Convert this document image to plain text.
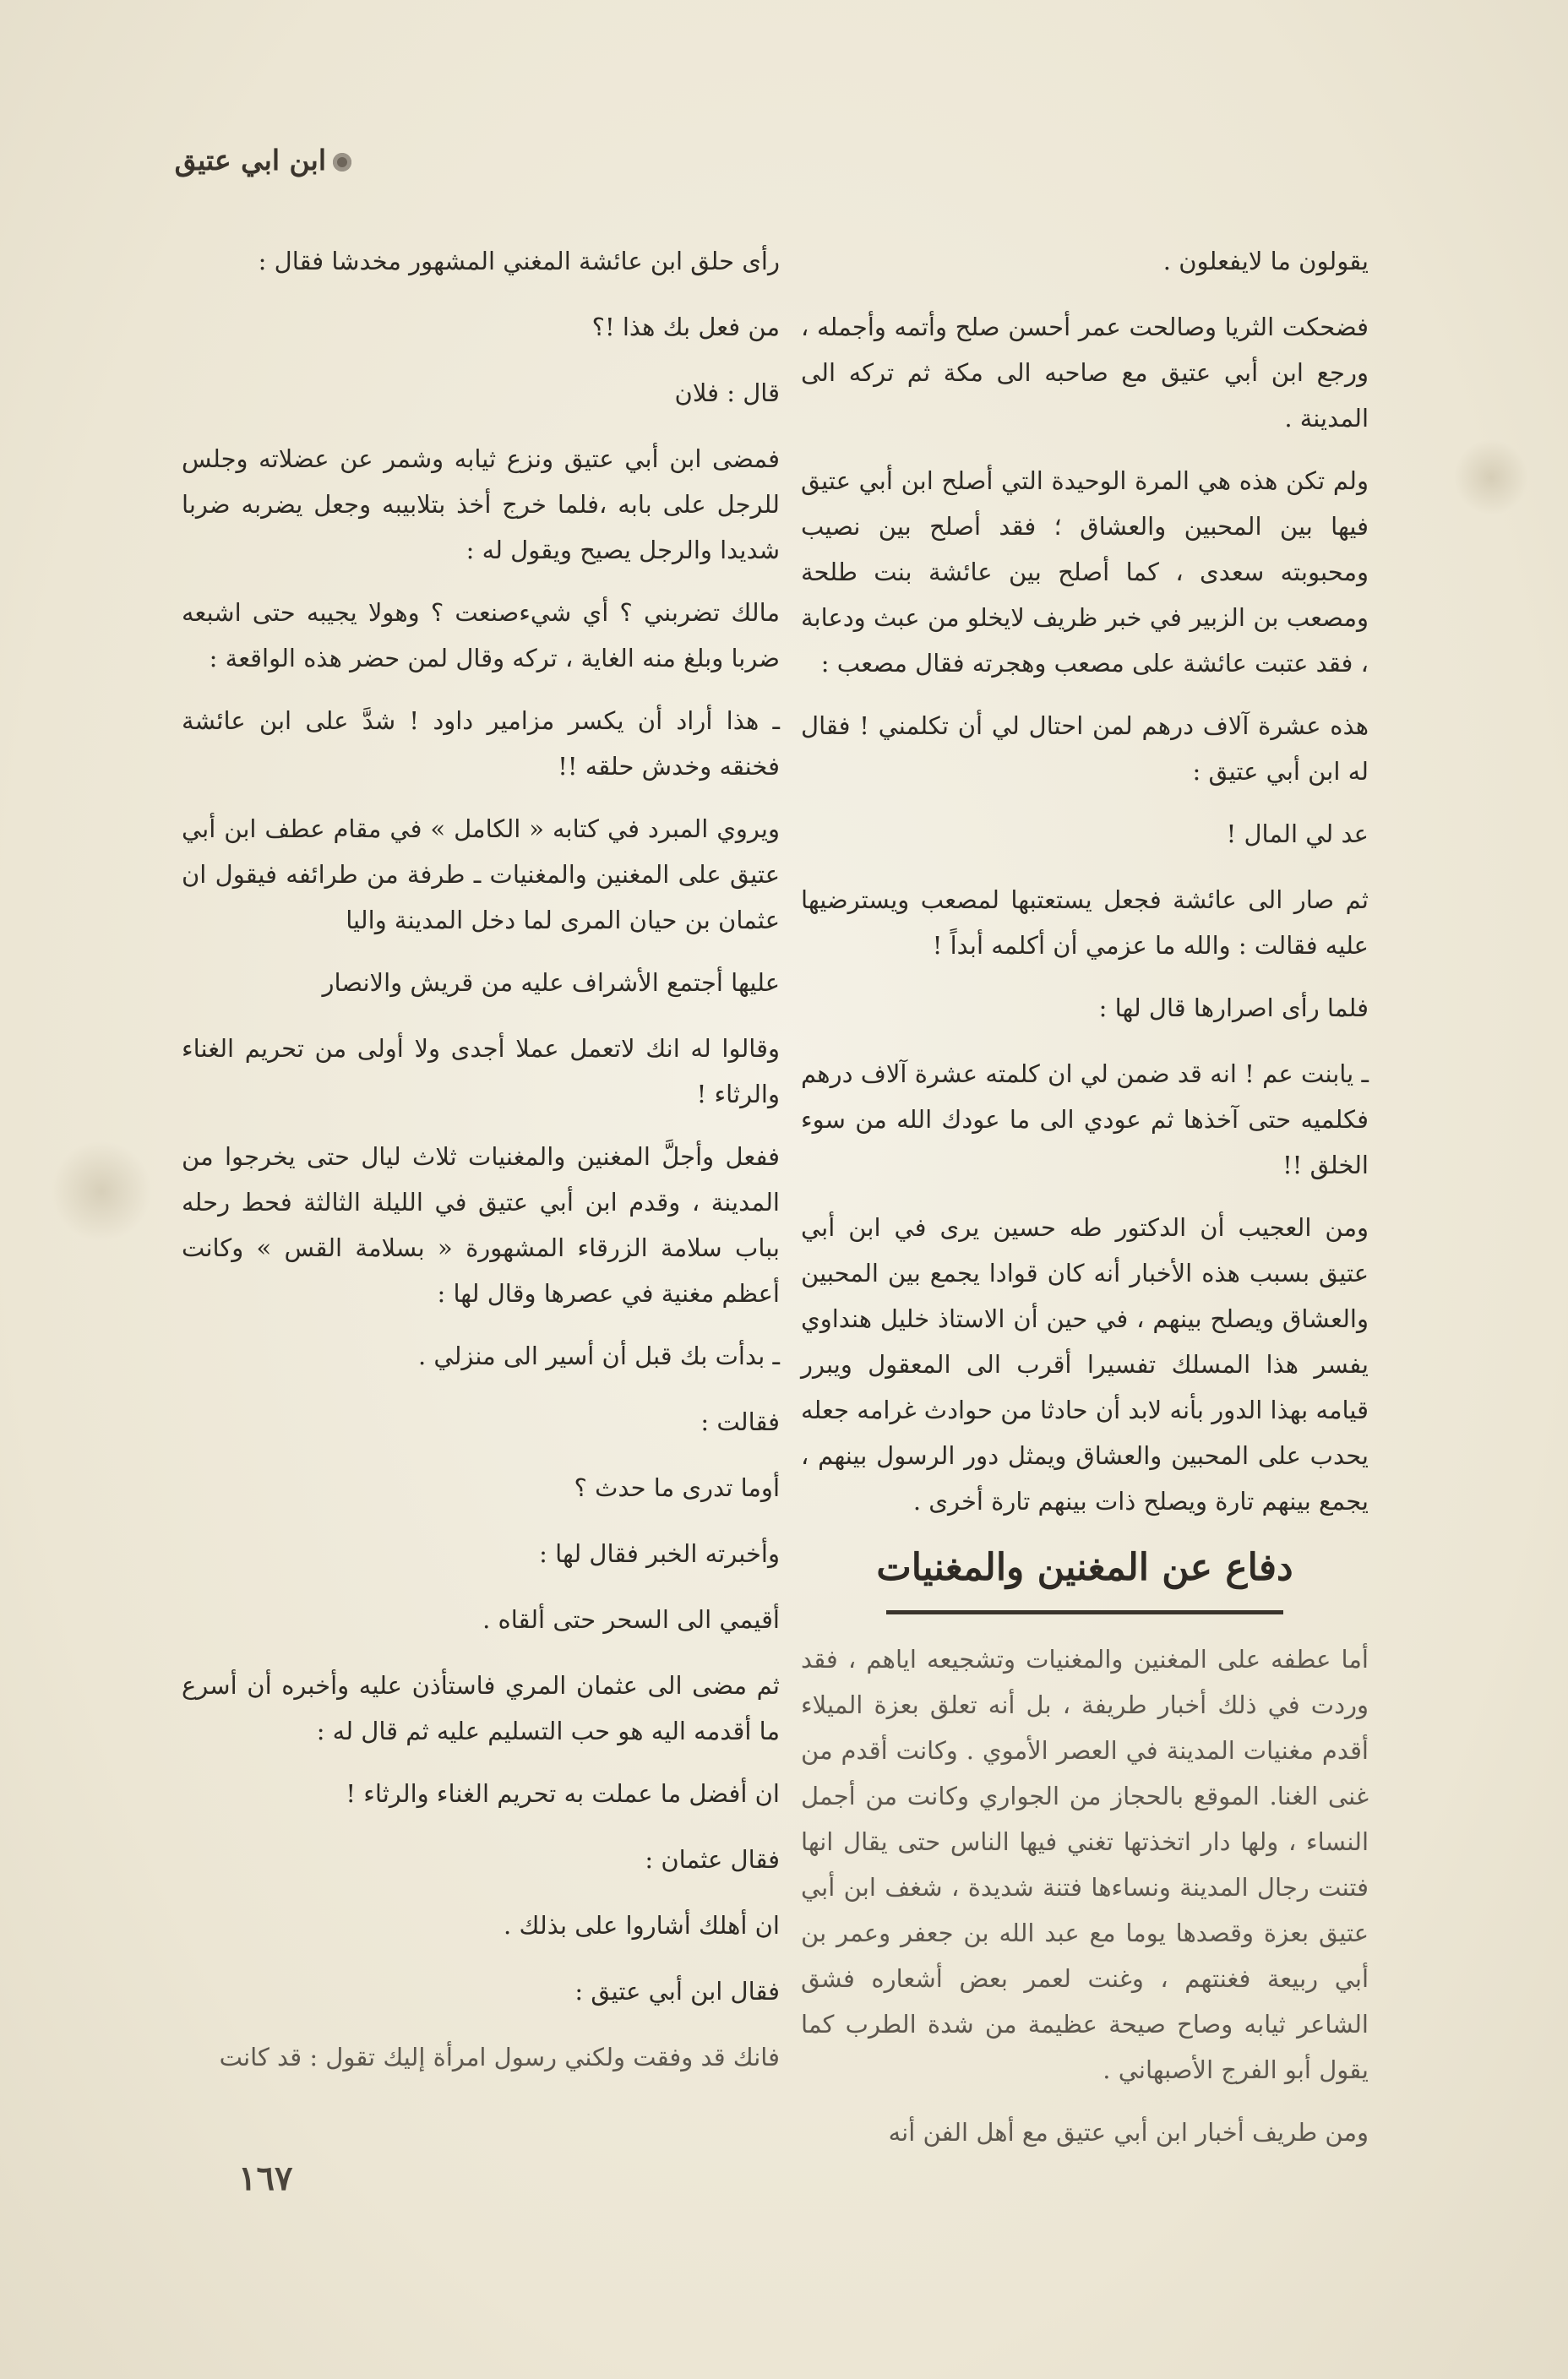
ابن ابي عتيق

يقولون ما لايفعلون .

فضحكت الثريا وصالحت عمر أحسن صلح وأتمه وأجمله ، ورجع ابن أبي عتيق مع صاحبه الى مكة ثم تركه الى المدينة .

ولم تكن هذه هي المرة الوحيدة التي أصلح ابن أبي عتيق فيها بين المحبين والعشاق ؛ فقد أصلح بين نصيب ومحبوبته سعدى ، كما أصلح بين عائشة بنت طلحة ومصعب بن الزبير في خبر ظريف لايخلو من عبث ودعابة ، فقد عتبت عائشة على مصعب وهجرته فقال مصعب :

هذه عشرة آلاف درهم لمن احتال لي أن تكلمني ! فقال له ابن أبي عتيق :

عد لي المال !

ثم صار الى عائشة فجعل يستعتبها لمصعب ويسترضيها عليه فقالت : والله ما عزمي أن أكلمه أبداً !

فلما رأى اصرارها قال لها :

ـ يابنت عم ! انه قد ضمن لي ان كلمته عشرة آلاف درهم فكلميه حتى آخذها ثم عودي الى ما عودك الله من سوء الخلق !!

ومن العجيب أن الدكتور طه حسين يرى في ابن أبي عتيق بسبب هذه الأخبار أنه كان قوادا يجمع بين المحبين والعشاق ويصلح بينهم ، في حين أن الاستاذ خليل هنداوي يفسر هذا المسلك تفسيرا أقرب الى المعقول ويبرر قيامه بهذا الدور بأنه لابد أن حادثا من حوادث غرامه جعله يحدب على المحبين والعشاق ويمثل دور الرسول بينهم ، يجمع بينهم تارة ويصلح ذات بينهم تارة أخرى .

دفاع عن المغنين والمغنيات

أما عطفه على المغنين والمغنيات وتشجيعه اياهم ، فقد وردت في ذلك أخبار طريفة ، بل أنه تعلق بعزة الميلاء أقدم مغنيات المدينة في العصر الأموي . وكانت أقدم من غنى الغنا. الموقع بالحجاز من الجواري وكانت من أجمل النساء ، ولها دار اتخذتها تغني فيها الناس حتى يقال انها فتنت رجال المدينة ونساءها فتنة شديدة ، شغف ابن أبي عتيق بعزة وقصدها يوما مع عبد الله بن جعفر وعمر بن أبي ربيعة فغنتهم ، وغنت لعمر بعض أشعاره فشق الشاعر ثيابه وصاح صيحة عظيمة من شدة الطرب كما يقول أبو الفرج الأصبهاني .

ومن طريف أخبار ابن أبي عتيق مع أهل الفن أنه

رأى حلق ابن عائشة المغني المشهور مخدشا فقال :

من فعل بك هذا !؟

قال : فلان

فمضى ابن أبي عتيق ونزع ثيابه وشمر عن عضلاته وجلس للرجل على بابه ،فلما خرج أخذ بتلابيبه وجعل يضربه ضربا شديدا والرجل يصيح ويقول له :

مالك تضربني ؟ أي شيءصنعت ؟ وهولا يجيبه حتى اشبعه ضربا وبلغ منه الغاية ، تركه وقال لمن حضر هذه الواقعة :

ـ هذا أراد أن يكسر مزامير داود ! شدَّ على ابن عائشة فخنقه وخدش حلقه !!

ويروي المبرد في كتابه « الكامل » في مقام عطف ابن أبي عتيق على المغنين والمغنيات ـ طرفة من طرائفه فيقول ان عثمان بن حيان المرى لما دخل المدينة واليا

عليها أجتمع الأشراف عليه من قريش والانصار

وقالوا له انك لاتعمل عملا أجدى ولا أولى من تحريم الغناء والرثاء !

ففعل وأجلَّ المغنين والمغنيات ثلاث ليال حتى يخرجوا من المدينة ، وقدم ابن أبي عتيق في الليلة الثالثة فحط رحله بباب سلامة الزرقاء المشهورة « بسلامة القس » وكانت أعظم مغنية في عصرها وقال لها :

ـ بدأت بك قبل أن أسير الى منزلي .

فقالت :

أوما تدرى ما حدث ؟

وأخبرته الخبر فقال لها :

أقيمي الى السحر حتى ألقاه .

ثم مضى الى عثمان المري فاستأذن عليه وأخبره أن أسرع ما أقدمه اليه هو حب التسليم عليه ثم قال له :

ان أفضل ما عملت به تحريم الغناء والرثاء !

فقال عثمان :

ان أهلك أشاروا على بذلك .

فقال ابن أبي عتيق :

فانك قد وفقت ولكني رسول امرأة إليك تقول : قد كانت

١٦٧
